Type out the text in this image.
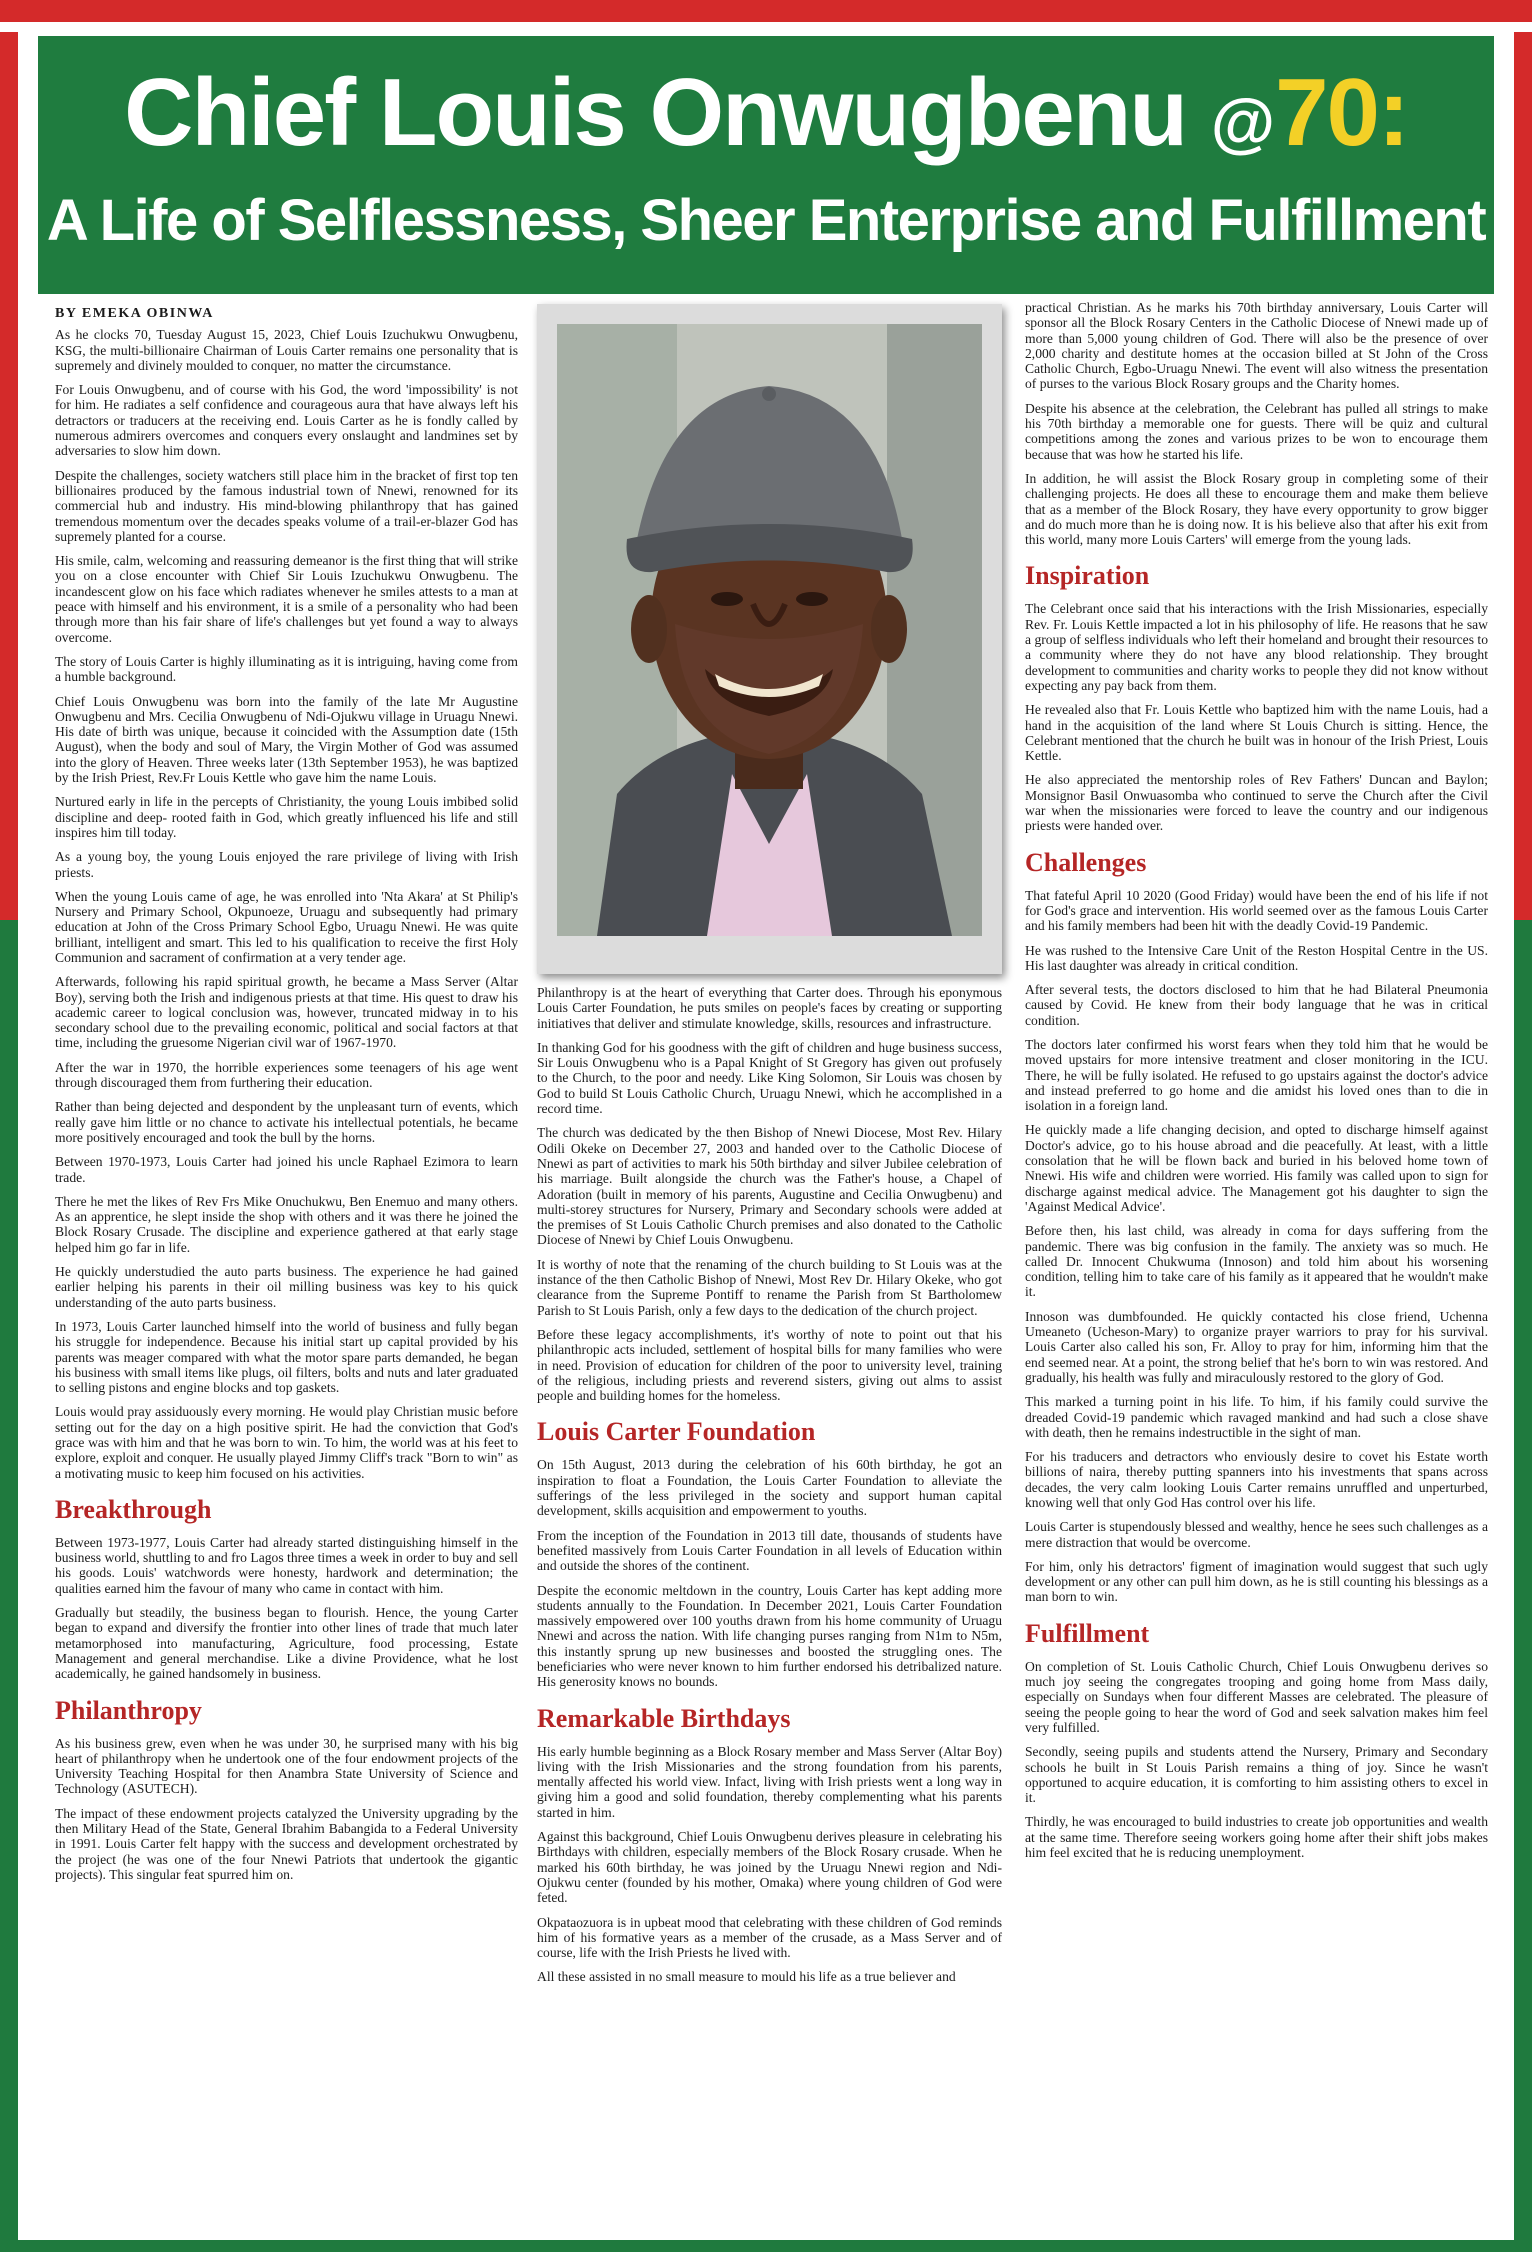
Chief Louis Onwugbenu @70:
A Life of Selflessness, Sheer Enterprise and Fulfillment
BY EMEKA OBINWA

As he clocks 70, Tuesday August 15, 2023, Chief Louis Izuchukwu Onwugbenu, KSG, the multi-billionaire Chairman of Louis Carter remains one personality that is supremely and divinely moulded to conquer, no matter the circumstance.

For Louis Onwugbenu, and of course with his God, the word 'impossibility' is not for him. He radiates a self confidence and courageous aura that have always left his detractors or traducers at the receiving end. Louis Carter as he is fondly called by numerous admirers overcomes and conquers every onslaught and landmines set by adversaries to slow him down.

Despite the challenges, society watchers still place him in the bracket of first top ten billionaires produced by the famous industrial town of Nnewi, renowned for its commercial hub and industry. His mind-blowing philanthropy that has gained tremendous momentum over the decades speaks volume of a trail-er-blazer God has supremely planted for a course.

His smile, calm, welcoming and reassuring demeanor is the first thing that will strike you on a close encounter with Chief Sir Louis Izuchukwu Onwugbenu. The incandescent glow on his face which radiates whenever he smiles attests to a man at peace with himself and his environment, it is a smile of a personality who had been through more than his fair share of life's challenges but yet found a way to always overcome.

The story of Louis Carter is highly illuminating as it is intriguing, having come from a humble background.

Chief Louis Onwugbenu was born into the family of the late Mr Augustine Onwugbenu and Mrs. Cecilia Onwugbenu of Ndi-Ojukwu village in Uruagu Nnewi. His date of birth was unique, because it coincided with the Assumption date (15th August), when the body and soul of Mary, the Virgin Mother of God was assumed into the glory of Heaven. Three weeks later (13th September 1953), he was baptized by the Irish Priest, Rev.Fr Louis Kettle who gave him the name Louis.

Nurtured early in life in the percepts of Christianity, the young Louis imbibed solid discipline and deep- rooted faith in God, which greatly influenced his life and still inspires him till today.

As a young boy, the young Louis enjoyed the rare privilege of living with Irish priests.

When the young Louis came of age, he was enrolled into 'Nta Akara' at St Philip's Nursery and Primary School, Okpunoeze, Uruagu and subsequently had primary education at John of the Cross Primary School Egbo, Uruagu Nnewi. He was quite brilliant, intelligent and smart. This led to his qualification to receive the first Holy Communion and sacrament of confirmation at a very tender age.

Afterwards, following his rapid spiritual growth, he became a Mass Server (Altar Boy), serving both the Irish and indigenous priests at that time. His quest to draw his academic career to logical conclusion was, however, truncated midway in to his secondary school due to the prevailing economic, political and social factors at that time, including the gruesome Nigerian civil war of 1967-1970.

After the war in 1970, the horrible experiences some teenagers of his age went through discouraged them from furthering their education.

Rather than being dejected and despondent by the unpleasant turn of events, which really gave him little or no chance to activate his intellectual potentials, he became more positively encouraged and took the bull by the horns.

Between 1970-1973, Louis Carter had joined his uncle Raphael Ezimora to learn trade.

There he met the likes of Rev Frs Mike Onuchukwu, Ben Enemuo and many others. As an apprentice, he slept inside the shop with others and it was there he joined the Block Rosary Crusade. The discipline and experience gathered at that early stage helped him go far in life.

He quickly understudied the auto parts business. The experience he had gained earlier helping his parents in their oil milling business was key to his quick understanding of the auto parts business.

In 1973, Louis Carter launched himself into the world of business and fully began his struggle for independence. Because his initial start up capital provided by his parents was meager compared with what the motor spare parts demanded, he began his business with small items like plugs, oil filters, bolts and nuts and later graduated to selling pistons and engine blocks and top gaskets.

Louis would pray assiduously every morning. He would play Christian music before setting out for the day on a high positive spirit. He had the conviction that God's grace was with him and that he was born to win. To him, the world was at his feet to explore, exploit and conquer. He usually played Jimmy Cliff's track "Born to win" as a motivating music to keep him focused on his activities.

Breakthrough

Between 1973-1977, Louis Carter had already started distinguishing himself in the business world, shuttling to and fro Lagos three times a week in order to buy and sell his goods. Louis' watchwords were honesty, hardwork and determination; the qualities earned him the favour of many who came in contact with him.

Gradually but steadily, the business began to flourish. Hence, the young Carter began to expand and diversify the frontier into other lines of trade that much later metamorphosed into manufacturing, Agriculture, food processing, Estate Management and general merchandise. Like a divine Providence, what he lost academically, he gained handsomely in business.

Philanthropy

As his business grew, even when he was under 30, he surprised many with his big heart of philanthropy when he undertook one of the four endowment projects of the University Teaching Hospital for then Anambra State University of Science and Technology (ASUTECH).

The impact of these endowment projects catalyzed the University upgrading by the then Military Head of the State, General Ibrahim Babangida to a Federal University in 1991. Louis Carter felt happy with the success and development orchestrated by the project (he was one of the four Nnewi Patriots that undertook the gigantic projects). This singular feat spurred him on.

Philanthropy is at the heart of everything that Carter does. Through his eponymous Louis Carter Foundation, he puts smiles on people's faces by creating or supporting initiatives that deliver and stimulate knowledge, skills, resources and infrastructure.

In thanking God for his goodness with the gift of children and huge business success, Sir Louis Onwugbenu who is a Papal Knight of St Gregory has given out profusely to the Church, to the poor and needy. Like King Solomon, Sir Louis was chosen by God to build St Louis Catholic Church, Uruagu Nnewi, which he accomplished in a record time.

The church was dedicated by the then Bishop of Nnewi Diocese, Most Rev. Hilary Odili Okeke on December 27, 2003 and handed over to the Catholic Diocese of Nnewi as part of activities to mark his 50th birthday and silver Jubilee celebration of his marriage. Built alongside the church was the Father's house, a Chapel of Adoration (built in memory of his parents, Augustine and Cecilia Onwugbenu) and multi-storey structures for Nursery, Primary and Secondary schools were added at the premises of St Louis Catholic Church premises and also donated to the Catholic Diocese of Nnewi by Chief Louis Onwugbenu.

It is worthy of note that the renaming of the church building to St Louis was at the instance of the then Catholic Bishop of Nnewi, Most Rev Dr. Hilary Okeke, who got clearance from the Supreme Pontiff to rename the Parish from St Bartholomew Parish to St Louis Parish, only a few days to the dedication of the church project.

Before these legacy accomplishments, it's worthy of note to point out that his philanthropic acts included, settlement of hospital bills for many families who were in need. Provision of education for children of the poor to university level, training of the religious, including priests and reverend sisters, giving out alms to assist people and building homes for the homeless.

Louis Carter Foundation

On 15th August, 2013 during the celebration of his 60th birthday, he got an inspiration to float a Foundation, the Louis Carter Foundation to alleviate the sufferings of the less privileged in the society and support human capital development, skills acquisition and empowerment to youths.

From the inception of the Foundation in 2013 till date, thousands of students have benefited massively from Louis Carter Foundation in all levels of Education within and outside the shores of the continent.

Despite the economic meltdown in the country, Louis Carter has kept adding more students annually to the Foundation. In December 2021, Louis Carter Foundation massively empowered over 100 youths drawn from his home community of Uruagu Nnewi and across the nation. With life changing purses ranging from N1m to N5m, this instantly sprung up new businesses and boosted the struggling ones. The beneficiaries who were never known to him further endorsed his detribalized nature. His generosity knows no bounds.

Remarkable Birthdays

His early humble beginning as a Block Rosary member and Mass Server (Altar Boy) living with the Irish Missionaries and the strong foundation from his parents, mentally affected his world view. Infact, living with Irish priests went a long way in giving him a good and solid foundation, thereby complementing what his parents started in him.

Against this background, Chief Louis Onwugbenu derives pleasure in celebrating his Birthdays with children, especially members of the Block Rosary crusade. When he marked his 60th birthday, he was joined by the Uruagu Nnewi region and Ndi-Ojukwu center (founded by his mother, Omaka) where young children of God were feted.

Okpataozuora is in upbeat mood that celebrating with these children of God reminds him of his formative years as a member of the crusade, as a Mass Server and of course, life with the Irish Priests he lived with.

All these assisted in no small measure to mould his life as a true believer and

practical Christian. As he marks his 70th birthday anniversary, Louis Carter will sponsor all the Block Rosary Centers in the Catholic Diocese of Nnewi made up of more than 5,000 young children of God. There will also be the presence of over 2,000 charity and destitute homes at the occasion billed at St John of the Cross Catholic Church, Egbo-Uruagu Nnewi. The event will also witness the presentation of purses to the various Block Rosary groups and the Charity homes.

Despite his absence at the celebration, the Celebrant has pulled all strings to make his 70th birthday a memorable one for guests. There will be quiz and cultural competitions among the zones and various prizes to be won to encourage them because that was how he started his life.

In addition, he will assist the Block Rosary group in completing some of their challenging projects. He does all these to encourage them and make them believe that as a member of the Block Rosary, they have every opportunity to grow bigger and do much more than he is doing now. It is his believe also that after his exit from this world, many more Louis Carters' will emerge from the young lads.

Inspiration

The Celebrant once said that his interactions with the Irish Missionaries, especially Rev. Fr. Louis Kettle impacted a lot in his philosophy of life. He reasons that he saw a group of selfless individuals who left their homeland and brought their resources to a community where they do not have any blood relationship. They brought development to communities and charity works to people they did not know without expecting any pay back from them.

He revealed also that Fr. Louis Kettle who baptized him with the name Louis, had a hand in the acquisition of the land where St Louis Church is sitting. Hence, the Celebrant mentioned that the church he built was in honour of the Irish Priest, Louis Kettle.

He also appreciated the mentorship roles of Rev Fathers' Duncan and Baylon; Monsignor Basil Onwuasomba who continued to serve the Church after the Civil war when the missionaries were forced to leave the country and our indigenous priests were handed over.

Challenges

That fateful April 10 2020 (Good Friday) would have been the end of his life if not for God's grace and intervention. His world seemed over as the famous Louis Carter and his family members had been hit with the deadly Covid-19 Pandemic.

He was rushed to the Intensive Care Unit of the Reston Hospital Centre in the US. His last daughter was already in critical condition.

After several tests, the doctors disclosed to him that he had Bilateral Pneumonia caused by Covid. He knew from their body language that he was in critical condition.

The doctors later confirmed his worst fears when they told him that he would be moved upstairs for more intensive treatment and closer monitoring in the ICU. There, he will be fully isolated. He refused to go upstairs against the doctor's advice and instead preferred to go home and die amidst his loved ones than to die in isolation in a foreign land.

He quickly made a life changing decision, and opted to discharge himself against Doctor's advice, go to his house abroad and die peacefully. At least, with a little consolation that he will be flown back and buried in his beloved home town of Nnewi. His wife and children were worried. His family was called upon to sign for discharge against medical advice. The Management got his daughter to sign the 'Against Medical Advice'.

Before then, his last child, was already in coma for days suffering from the pandemic. There was big confusion in the family. The anxiety was so much. He called Dr. Innocent Chukwuma (Innoson) and told him about his worsening condition, telling him to take care of his family as it appeared that he wouldn't make it.

Innoson was dumbfounded. He quickly contacted his close friend, Uchenna Umeaneto (Ucheson-Mary) to organize prayer warriors to pray for his survival. Louis Carter also called his son, Fr. Alloy to pray for him, informing him that the end seemed near. At a point, the strong belief that he's born to win was restored. And gradually, his health was fully and miraculously restored to the glory of God.

This marked a turning point in his life. To him, if his family could survive the dreaded Covid-19 pandemic which ravaged mankind and had such a close shave with death, then he remains indestructible in the sight of man.

For his traducers and detractors who enviously desire to covet his Estate worth billions of naira, thereby putting spanners into his investments that spans across decades, the very calm looking Louis Carter remains unruffled and unperturbed, knowing well that only God Has control over his life.

Louis Carter is stupendously blessed and wealthy, hence he sees such challenges as a mere distraction that would be overcome.

For him, only his detractors' figment of imagination would suggest that such ugly development or any other can pull him down, as he is still counting his blessings as a man born to win.

Fulfillment

On completion of St. Louis Catholic Church, Chief Louis Onwugbenu derives so much joy seeing the congregates trooping and going home from Mass daily, especially on Sundays when four different Masses are celebrated. The pleasure of seeing the people going to hear the word of God and seek salvation makes him feel very fulfilled.

Secondly, seeing pupils and students attend the Nursery, Primary and Secondary schools he built in St Louis Parish remains a thing of joy. Since he wasn't opportuned to acquire education, it is comforting to him assisting others to excel in it.

Thirdly, he was encouraged to build industries to create job opportunities and wealth at the same time. Therefore seeing workers going home after their shift jobs makes him feel excited that he is reducing unemployment.
